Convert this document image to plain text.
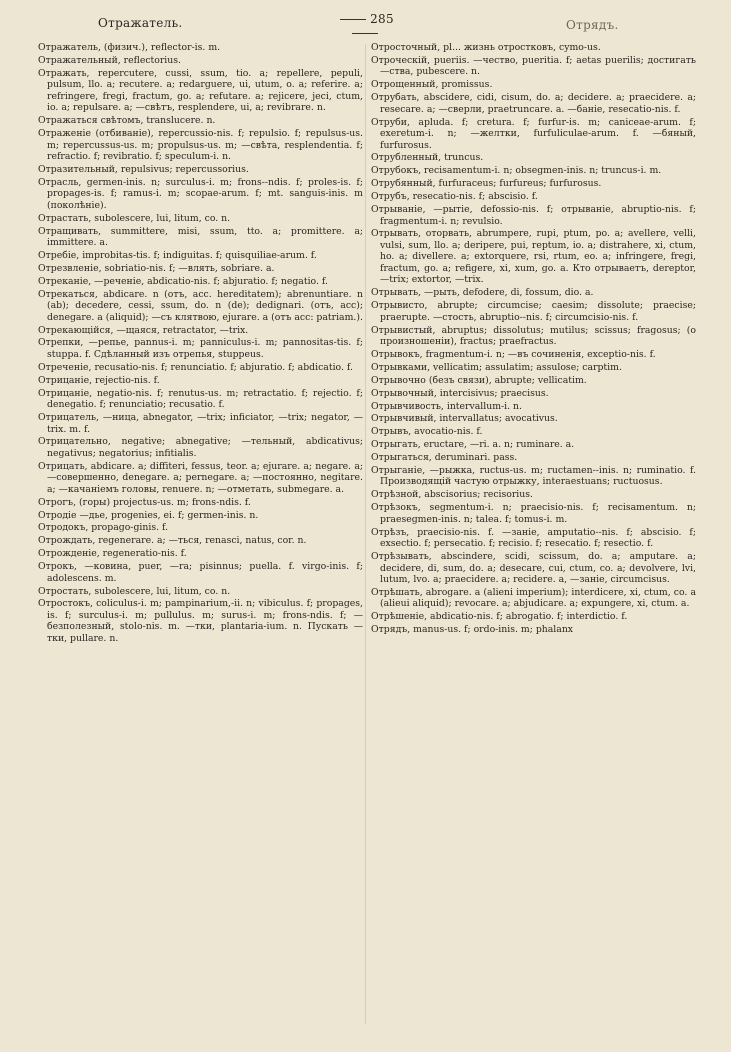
Отражатель.	285	Отрядъ.

Отражатель, (физич.), reflector-is. m.

Отражательный, reflectorius.

Отражать, repercutere, cussi, ssum, tio. a; repellere, pepuli, pulsum, llo. a; recutere. a; redarguere, ui, utum, o. a; referire. a; refringere, fregi, fractum, go. a; refutare. a; rejicere, jeci, ctum, io. a; repulsare. a; —свѣтъ, resplendere, ui, a; revibrare. n.

Отражаться свѣтомъ, translucere. n.

Отраженіе (отбиваніе), repercussio-nis. f; repulsio. f; repulsus-us. m; repercussus-us. m; propulsus-us. m; —свѣта, resplendentia. f; refractio. f; revibratio. f; speculum-i. n.

Отразительный, repulsivus; repercussorius.

Отрасль, germen-inis. n; surculus-i. m; frons--ndis. f; proles-is. f; propages-is. f; ramus-i. m; scopae-arum. f; mt. sanguis-inis. m (поколѣніе).

Отрастать, subolescere, lui, litum, co. n.

Отращивать, summittere, misi, ssum, tto. a; promittere. a; immittere. a.

Отребіе, improbitas-tis. f; indiguitas. f; quisquiliae-arum. f.

Отрезвленіе, sobriatio-nis. f; —влять, sobriare. a.

Отреканіе, —реченіе, abdicatio-nis. f; abjuratio. f; negatio. f.

Отрекаться, abdicare. n (отъ, acc. hereditatem); abrenuntiare. n (ab); decedere, cessi, ssum, do. n (de); dedignari. (отъ, acc); denegare. a (aliquid); —съ клятвою, ejurare. a (отъ acc: patriam.).

Отрекающійся, —щаяся, retractator, —trix.

Отрепки, —репье, pannus-i. m; panniculus-i. m; pannositas-tis. f; stuppa. f. Сдѣланный изъ отрепья, stuppeus.

Отреченіе, recusatio-nis. f; renunciatio. f; abjuratio. f; abdicatio. f.

Отрицаніе, rejectio-nis. f.

Отрицаніе, negatio-nis. f; renutus-us. m; retractatio. f; rejectio. f; denegatio. f; renunciatio; recusatio. f.

Отрицатель, —ница, abnegator, —trix; inficiator, —trix; negator, —trix. m. f.

Отрицательно, negative; abnegative; —тельный, abdicativus; negativus; negatorius; infitialis.

Отрицать, abdicare. a; diffiteri, fessus, teor. a; ejurare. a; negare. a; —совершенно, denegare. a; pernegare. a; —постоянно, negitare. a; —качаніемъ головы, renuere. n; —отметать, submegare. a.

Отрогъ, (горы) projectus-us. m; frons-ndis. f.

Отродіе —дье, progenies, ei. f; germen-inis. n.

Отродокъ, propago-ginis. f.

Отрождать, regenerare. a; —ться, renasci, natus, cor. n.

Отрожденіе, regeneratio-nis. f.

Отрокъ, —ковина, puer, —ra; pisinnus; puella. f. virgo-inis. f; adolescens. m.

Отростать, subolescere, lui, litum, co. n.

Отростокъ, coliculus-i. m; pampinarium,-ii. n; vibiculus. f; propages, is. f; surculus-i. m; pullulus. m; surus-i. m; frons-ndis. f; —безполезный, stolo-nis. m. —тки, plantaria-ium. n. Пускать —тки, pullare. n.

Отросточный, pl... жизнь отростковъ, cymo-us.

Отроческій, pueriis. —чество, pueritia. f; aetas puerilis; достигать —ства, pubescere. n.

Отрощенный, promissus.

Отрубать, abscidere, cidi, cisum, do. a; decidere. a; praecidere. a; resecare. a; —сверли, praetruncare. a. —баніе, resecatio-nis. f.

Отруби, apluda. f; cretura. f; furfur-is. m; caniceae-arum. f; exeretum-i. n; —желтки, furfuliculae-arum. f. —бяный, furfurosus.

Отрубленный, truncus.

Отрубокъ, recisamentum-i. n; obsegmen-inis. n; truncus-i. m.

Отрубянный, furfuraceus; furfureus; furfurosus.

Отрубъ, resecatio-nis. f; abscisio. f.

Отрываніе, —рытіе, defossio-nis. f; отрываніе, abruptio-nis. f; fragmentum-i. n; revulsio.

Отрывать, оторвать, abrumpere, rupi, ptum, po. a; avellere, velli, vulsi, sum, llo. a; deripere, pui, reptum, io. a; distrahere, xi, ctum, ho. a; divellere. a; extorquere, rsi, rtum, eo. a; infringere, fregi, fractum, go. a; refigere, xi, xum, go. a. Кто отрываетъ, dereptor, —trix; extortor, —trix.

Отрывать, —рыть, defodere, di, fossum, dio. a.

Отрывисто, abrupte; circumcise; caesim; dissolute; praecise; praerupte. —стость, abruptio--nis. f; circumcisio-nis. f.

Отрывистый, abruptus; dissolutus; mutilus; scissus; fragosus; (о произношеніи), fractus; praefractus.

Отрывокъ, fragmentum-i. n; —въ сочиненія, exceptio-nis. f.

Отрывками, vellicatim; assulatim; assulose; carptim.

Отрывочно (безъ связи), abrupte; vellicatim.

Отрывочный, intercisivus; praecisus.

Отрывчивость, intervallum-i. n.

Отрывчивый, intervallatus; avocativus.

Отрывъ, avocatio-nis. f.

Отрыгать, eructare, —ri. a. n; ruminare. a.

Отрыгаться, deruminari. pass.

Отрыганіе, —рыжка, ructus-us. m; ructamen--inis. n; ruminatio. f. Производящій частую отрыжку, interaestuans; ructuosus.

Отрѣзной, abscisorius; recisorius.

Отрѣзокъ, segmentum-i. n; praecisio-nis. f; recisamentum. n; praesegmen-inis. n; talea. f; tomus-i. m.

Отрѣзъ, praecisio-nis. f. —заніе, amputatio--nis. f; abscisio. f; exsectio. f; persecatio. f; recisio. f; resecatio. f; resectio. f.

Отрѣзывать, abscindere, scidi, scissum, do. a; amputare. a; decidere, di, sum, do. a; desecare, cui, ctum, co. a; devolvere, lvi, lutum, lvo. a; praecidere. a; recidere. a, —заніе, circumcisus.

Отрѣшать, abrogare. a (alieni imperium); interdicere, xi, ctum, co. a (alieui aliquid); revocare. a; abjudicare. a; expungere, xi, ctum. a.

Отрѣшеніе, abdicatio-nis. f; abrogatio. f; interdictio. f.

Отрядъ, manus-us. f; ordo-inis. m; phalanx
